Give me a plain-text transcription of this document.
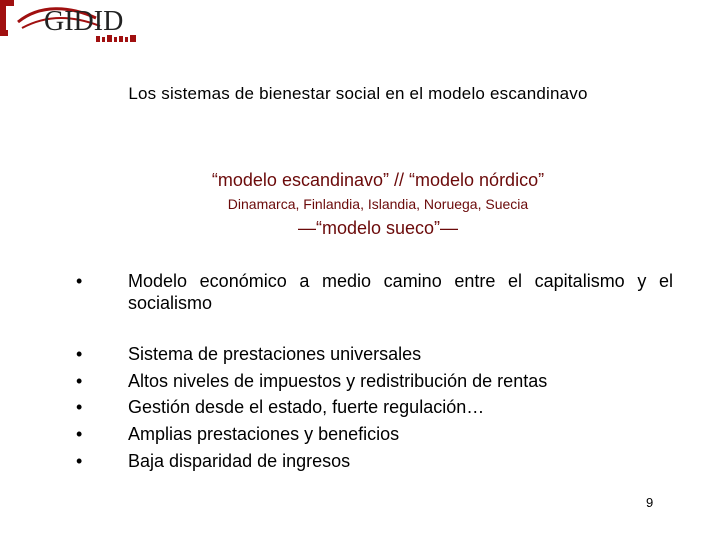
GIDID
Los sistemas de bienestar social en el modelo escandinavo
“modelo escandinavo” // “modelo nórdico”
Dinamarca, Finlandia, Islandia, Noruega, Suecia
—“modelo sueco”—
•	Modelo económico a medio camino entre el capitalismo y el socialismo
•	Sistema de prestaciones universales
•	Altos niveles de impuestos y redistribución de rentas
•	Gestión desde el estado, fuerte regulación…
•	Amplias prestaciones y beneficios
•	Baja disparidad de ingresos
9
